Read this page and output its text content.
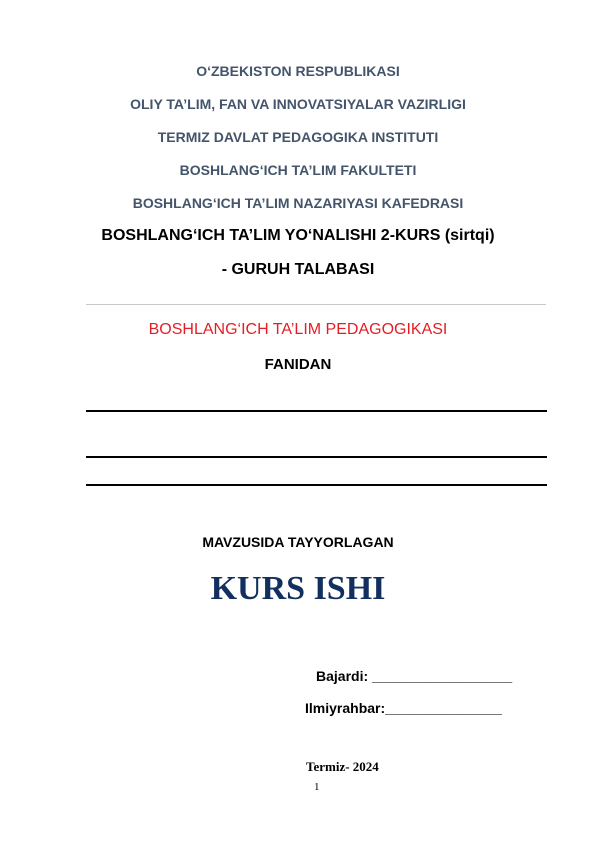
O‘ZBEKISTON RESPUBLIKASI
OLIY TA’LIM, FAN VA INNOVATSIYALAR VAZIRLIGI
TERMIZ DAVLAT PEDAGOGIKA INSTITUTI
BOSHLANG‘ICH TA’LIM FAKULTETI
BOSHLANG‘ICH TA’LIM NAZARIYASI KAFEDRASI
BOSHLANG‘ICH TA’LIM YO‘NALISHI 2-KURS (sirtqi)
- GURUH TALABASI
BOSHLANG‘ICH TA’LIM PEDAGOGIKASI
FANIDAN
MAVZUSIDA TAYYORLAGAN
KURS ISHI
Bajardi: __________________
Ilmiyrahbar:_______________
Termiz- 2024
1
